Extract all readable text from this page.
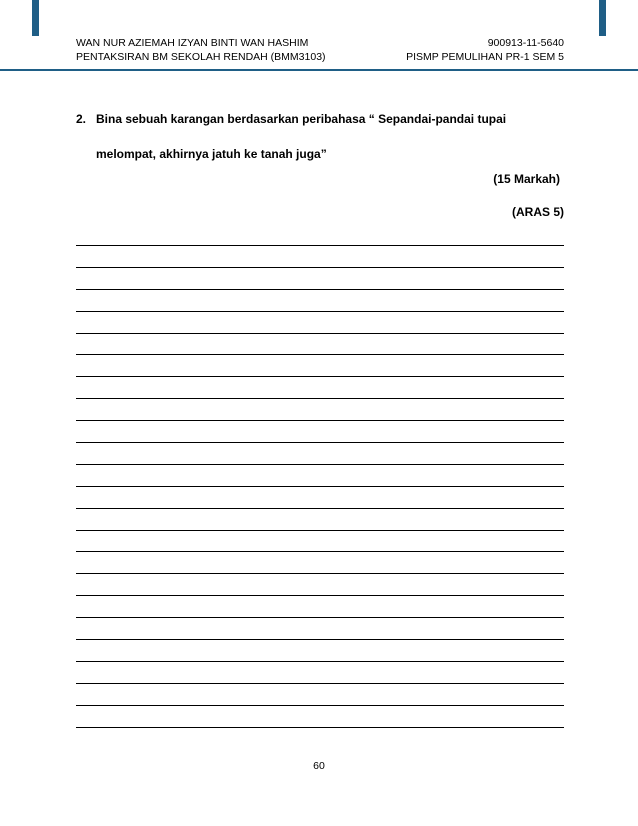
WAN NUR AZIEMAH IZYAN BINTI WAN HASHIM	900913-11-5640
PENTAKSIRAN BM SEKOLAH RENDAH (BMM3103)	PISMP PEMULIHAN PR-1 SEM 5
2. Bina sebuah karangan berdasarkan peribahasa “ Sepandai-pandai tupai
melompat, akhirnya jatuh ke tanah juga”
(15 Markah)
(ARAS 5)
60
